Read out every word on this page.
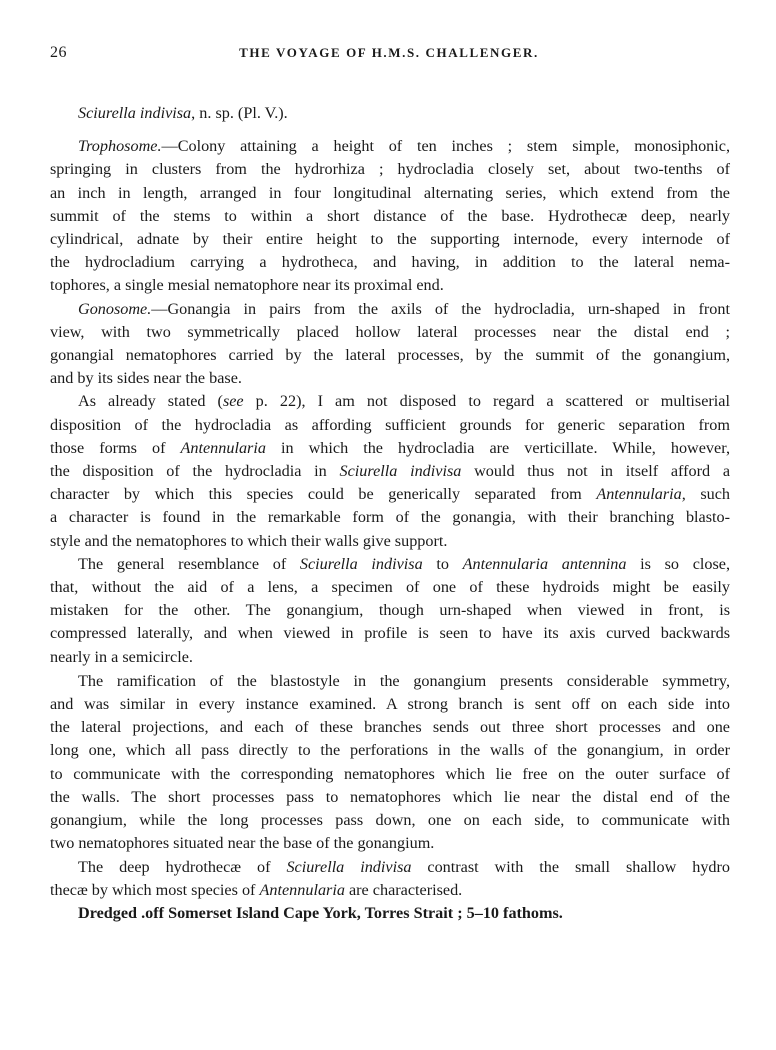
26	THE VOYAGE OF H.M.S. CHALLENGER.
Sciurella indivisa, n. sp. (Pl. V.).
Trophosome.—Colony attaining a height of ten inches ; stem simple, monosiphonic,
springing in clusters from the hydrorhiza ; hydrocladia closely set, about two-tenths of
an inch in length, arranged in four longitudinal alternating series, which extend from the
summit of the stems to within a short distance of the base. Hydrothecæ deep, nearly
cylindrical, adnate by their entire height to the supporting internode, every internode of
the hydrocladium carrying a hydrotheca, and having, in addition to the lateral nema-
tophores, a single mesial nematophore near its proximal end.
Gonosome.—Gonangia in pairs from the axils of the hydrocladia, urn-shaped in front
view, with two symmetrically placed hollow lateral processes near the distal end ;
gonangial nematophores carried by the lateral processes, by the summit of the gonangium,
and by its sides near the base.
As already stated (see p. 22), I am not disposed to regard a scattered or multiserial
disposition of the hydrocladia as affording sufficient grounds for generic separation from
those forms of Antennularia in which the hydrocladia are verticillate. While, however,
the disposition of the hydrocladia in Sciurella indivisa would thus not in itself afford a
character by which this species could be generically separated from Antennularia, such
a character is found in the remarkable form of the gonangia, with their branching blasto-
style and the nematophores to which their walls give support.
The general resemblance of Sciurella indivisa to Antennularia antennina is so close,
that, without the aid of a lens, a specimen of one of these hydroids might be easily
mistaken for the other. The gonangium, though urn-shaped when viewed in front, is
compressed laterally, and when viewed in profile is seen to have its axis curved backwards
nearly in a semicircle.
The ramification of the blastostyle in the gonangium presents considerable symmetry,
and was similar in every instance examined. A strong branch is sent off on each side into
the lateral projections, and each of these branches sends out three short processes and one
long one, which all pass directly to the perforations in the walls of the gonangium, in order
to communicate with the corresponding nematophores which lie free on the outer surface of
the walls. The short processes pass to nematophores which lie near the distal end of the
gonangium, while the long processes pass down, one on each side, to communicate with
two nematophores situated near the base of the gonangium.
The deep hydrothecæ of Sciurella indivisa contrast with the small shallow hydro
thecæ by which most species of Antennularia are characterised.
Dredged .off Somerset Island Cape York, Torres Strait ; 5–10 fathoms.
